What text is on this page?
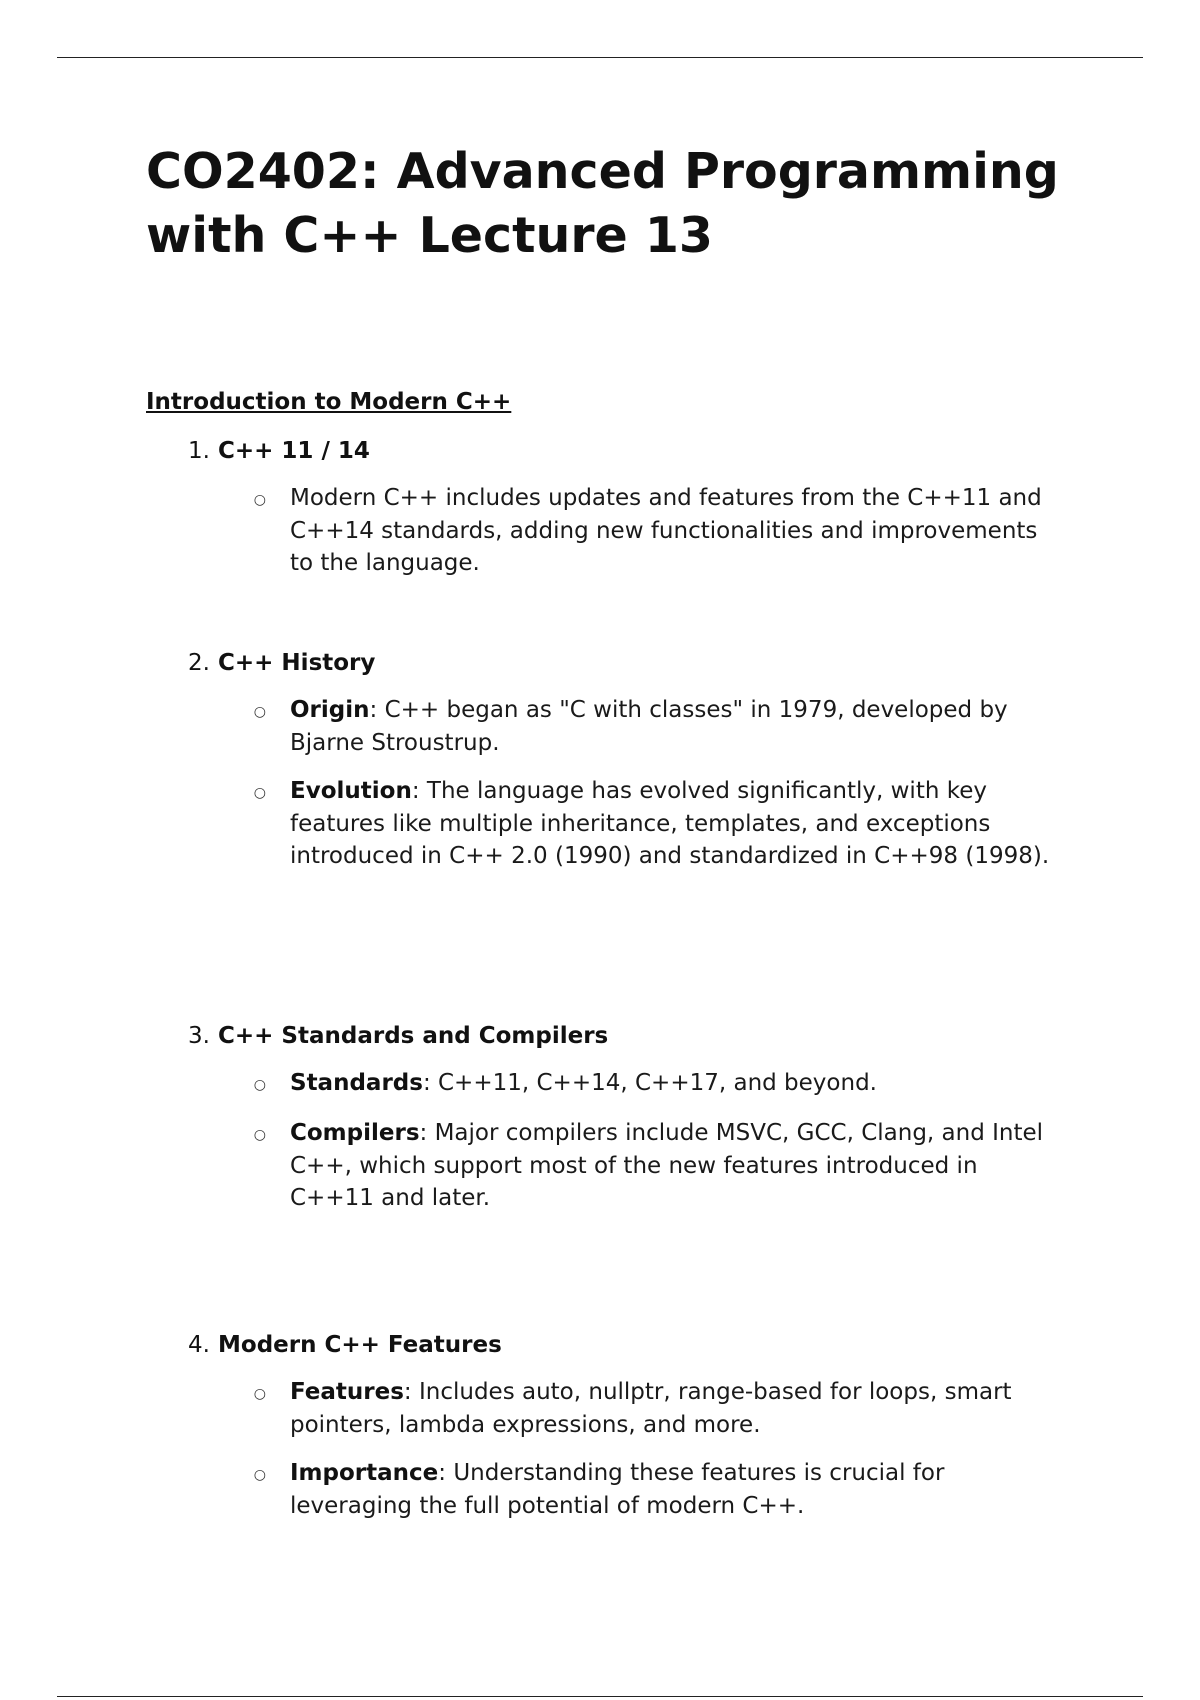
CO2402: Advanced Programming with C++ Lecture 13
Introduction to Modern C++
1. C++ 11 / 14
○	Modern C++ includes updates and features from the C++11 and C++14 standards, adding new functionalities and improvements to the language.
2. C++ History
○	Origin: C++ began as "C with classes" in 1979, developed by Bjarne Stroustrup.
○	Evolution: The language has evolved significantly, with key features like multiple inheritance, templates, and exceptions introduced in C++ 2.0 (1990) and standardized in C++98 (1998).
3. C++ Standards and Compilers
○	Standards: C++11, C++14, C++17, and beyond.
○	Compilers: Major compilers include MSVC, GCC, Clang, and Intel C++, which support most of the new features introduced in C++11 and later.
4. Modern C++ Features
○	Features: Includes auto, nullptr, range-based for loops, smart pointers, lambda expressions, and more.
○	Importance: Understanding these features is crucial for leveraging the full potential of modern C++.
